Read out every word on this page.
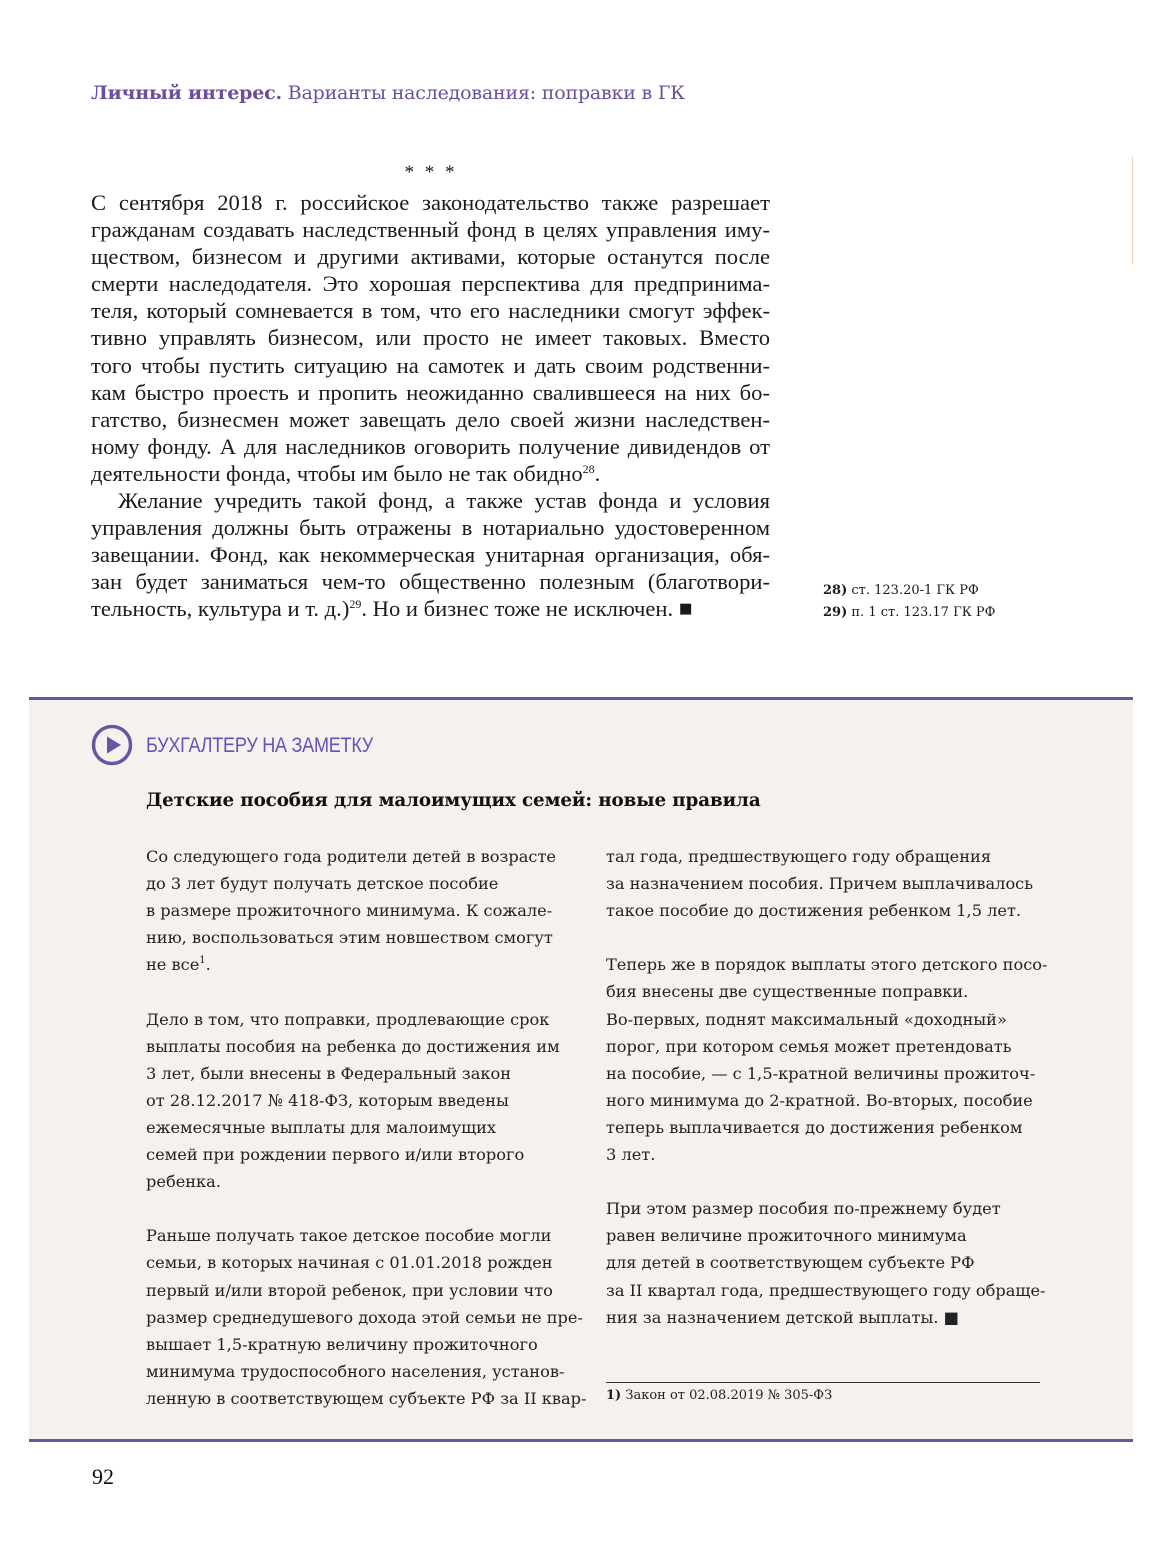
Личный интерес. Варианты наследования: поправки в ГК
* * *
С сентября 2018 г. российское законодательство также разрешает
гражданам создавать наследственный фонд в целях управления иму-
ществом, бизнесом и другими активами, которые останутся после
смерти наследодателя. Это хорошая перспектива для предпринима-
теля, который сомневается в том, что его наследники смогут эффек-
тивно управлять бизнесом, или просто не имеет таковых. Вместо
того чтобы пустить ситуацию на самотек и дать своим родственни-
кам быстро проесть и пропить неожиданно свалившееся на них бо-
гатство, бизнесмен может завещать дело своей жизни наследствен-
ному фонду. А для наследников оговорить получение дивидендов от
деятельности фонда, чтобы им было не так обидно$^{28}$.
Желание учредить такой фонд, а также устав фонда и условия
управления должны быть отражены в нотариально удостоверенном
завещании. Фонд, как некоммерческая унитарная организация, обя-
зан будет заниматься чем-то общественно полезным (благотвори-
тельность, культура и т. д.)$^{29}$. Но и бизнес тоже не исключен. ■
28) ст. 123.20-1 ГК РФ
29) п. 1 ст. 123.17 ГК РФ
БУХГАЛТЕРУ НА ЗАМЕТКУ
Детские пособия для малоимущих семей: новые правила
Со следующего года родители детей в возрасте
до 3 лет будут получать детское пособие
в размере прожиточного минимума. К сожале-
нию, воспользоваться этим новшеством смогут
не все$^1$.
Дело в том, что поправки, продлевающие срок
выплаты пособия на ребенка до достижения им
3 лет, были внесены в Федеральный закон
от 28.12.2017 № 418-ФЗ, которым введены
ежемесячные выплаты для малоимущих
семей при рождении первого и/или второго
ребенка.
Раньше получать такое детское пособие могли
семьи, в которых начиная с 01.01.2018 рожден
первый и/или второй ребенок, при условии что
размер среднедушевого дохода этой семьи не пре-
вышает 1,5-кратную величину прожиточного
минимума трудоспособного населения, установ-
ленную в соответствующем субъекте РФ за II квар-
тал года, предшествующего году обращения
за назначением пособия. Причем выплачивалось
такое пособие до достижения ребенком 1,5 лет.
Теперь же в порядок выплаты этого детского посо-
бия внесены две существенные поправки.
Во-первых, поднят максимальный «доходный»
порог, при котором семья может претендовать
на пособие, — с 1,5-кратной величины прожиточ-
ного минимума до 2-кратной. Во-вторых, пособие
теперь выплачивается до достижения ребенком
3 лет.
При этом размер пособия по-прежнему будет
равен величине прожиточного минимума
для детей в соответствующем субъекте РФ
за II квартал года, предшествующего году обраще-
ния за назначением детской выплаты. ■
1) Закон от 02.08.2019 № 305-ФЗ
92
